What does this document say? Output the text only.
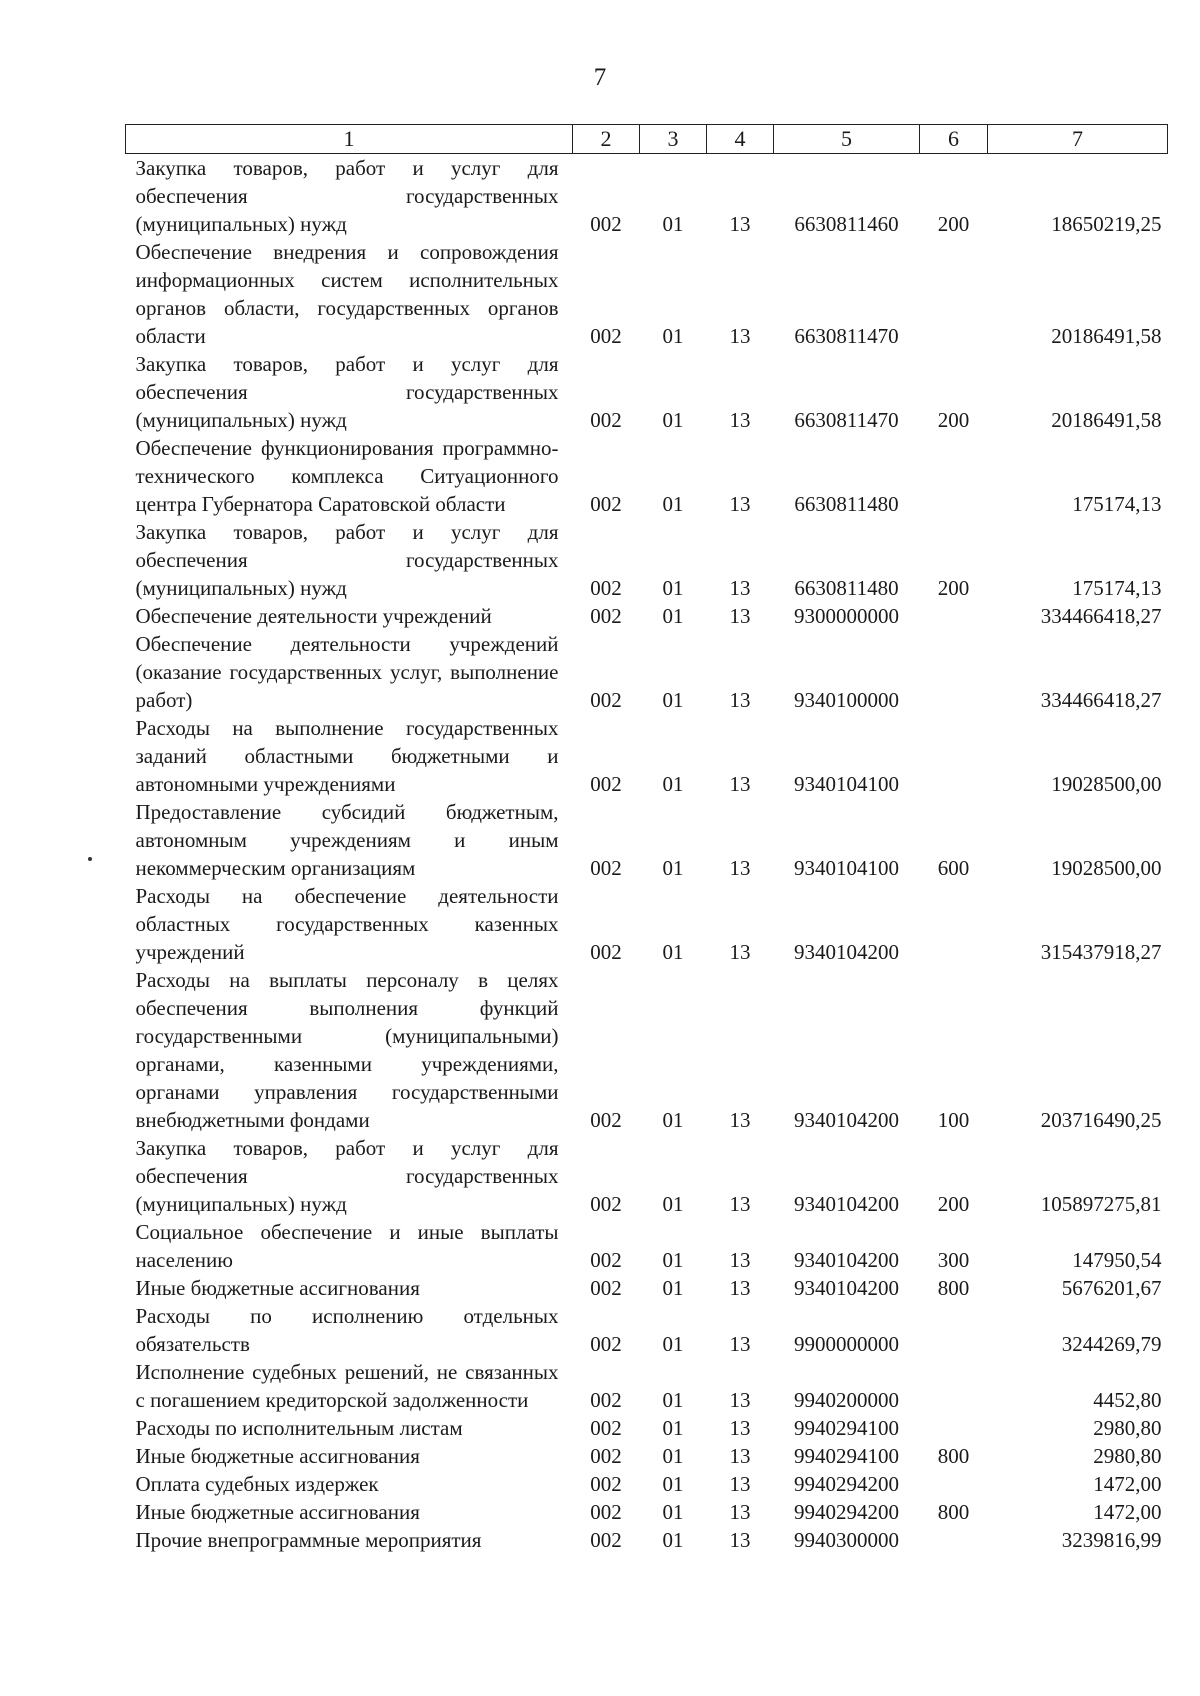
7
1	2	3	4	5	6	7
Закупка товаров, работ и услуг для обеспечения государственных (муниципальных) нужд	002	01	13	6630811460	200	18650219,25
Обеспечение внедрения и сопровождения информационных систем исполнительных органов области, государственных органов области	002	01	13	6630811470		20186491,58
Закупка товаров, работ и услуг для обеспечения государственных (муниципальных) нужд	002	01	13	6630811470	200	20186491,58
Обеспечение функционирования программно-технического комплекса Ситуационного центра Губернатора Саратовской области	002	01	13	6630811480		175174,13
Закупка товаров, работ и услуг для обеспечения государственных (муниципальных) нужд	002	01	13	6630811480	200	175174,13
Обеспечение деятельности учреждений	002	01	13	9300000000		334466418,27
Обеспечение деятельности учреждений (оказание государственных услуг, выполнение работ)	002	01	13	9340100000		334466418,27
Расходы на выполнение государственных заданий областными бюджетными и автономными учреждениями	002	01	13	9340104100		19028500,00
Предоставление субсидий бюджетным, автономным учреждениям и иным некоммерческим организациям	002	01	13	9340104100	600	19028500,00
Расходы на обеспечение деятельности областных государственных казенных учреждений	002	01	13	9340104200		315437918,27
Расходы на выплаты персоналу в целях обеспечения выполнения функций государственными (муниципальными) органами, казенными учреждениями, органами управления государственными внебюджетными фондами	002	01	13	9340104200	100	203716490,25
Закупка товаров, работ и услуг для обеспечения государственных (муниципальных) нужд	002	01	13	9340104200	200	105897275,81
Социальное обеспечение и иные выплаты населению	002	01	13	9340104200	300	147950,54
Иные бюджетные ассигнования	002	01	13	9340104200	800	5676201,67
Расходы по исполнению отдельных обязательств	002	01	13	9900000000		3244269,79
Исполнение судебных решений, не связанных с погашением кредиторской задолженности	002	01	13	9940200000		4452,80
Расходы по исполнительным листам	002	01	13	9940294100		2980,80
Иные бюджетные ассигнования	002	01	13	9940294100	800	2980,80
Оплата судебных издержек	002	01	13	9940294200		1472,00
Иные бюджетные ассигнования	002	01	13	9940294200	800	1472,00
Прочие внепрограммные мероприятия	002	01	13	9940300000		3239816,99
